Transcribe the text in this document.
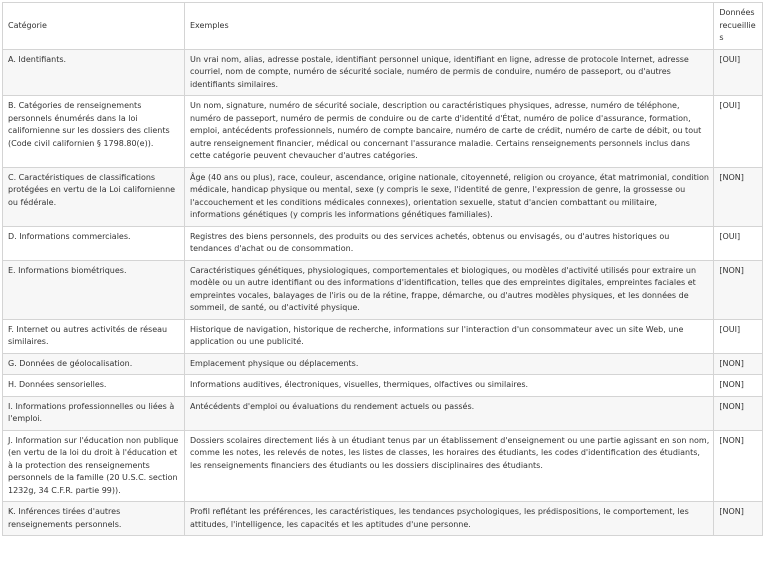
Catégorie	Exemples	Données recueillies
A. Identifiants.	Un vrai nom, alias, adresse postale, identifiant personnel unique, identifiant en ligne, adresse de protocole Internet, adresse courriel, nom de compte, numéro de sécurité sociale, numéro de permis de conduire, numéro de passeport, ou d'autres identifiants similaires.	[OUI]
B. Catégories de renseignements personnels énumérés dans la loi californienne sur les dossiers des clients (Code civil californien § 1798.80(e)).	Un nom, signature, numéro de sécurité sociale, description ou caractéristiques physiques, adresse, numéro de téléphone, numéro de passeport, numéro de permis de conduire ou de carte d'identité d'État, numéro de police d'assurance, formation, emploi, antécédents professionnels, numéro de compte bancaire, numéro de carte de crédit, numéro de carte de débit, ou tout autre renseignement financier, médical ou concernant l'assurance maladie. Certains renseignements personnels inclus dans cette catégorie peuvent chevaucher d'autres catégories.	[OUI]
C. Caractéristiques de classifications protégées en vertu de la Loi californienne ou fédérale.	Âge (40 ans ou plus), race, couleur, ascendance, origine nationale, citoyenneté, religion ou croyance, état matrimonial, condition médicale, handicap physique ou mental, sexe (y compris le sexe, l'identité de genre, l'expression de genre, la grossesse ou l'accouchement et les conditions médicales connexes), orientation sexuelle, statut d'ancien combattant ou militaire, informations génétiques (y compris les informations génétiques familiales).	[NON]
D. Informations commerciales.	Registres des biens personnels, des produits ou des services achetés, obtenus ou envisagés, ou d'autres historiques ou tendances d'achat ou de consommation.	[OUI]
E. Informations biométriques.	Caractéristiques génétiques, physiologiques, comportementales et biologiques, ou modèles d'activité utilisés pour extraire un modèle ou un autre identifiant ou des informations d'identification, telles que des empreintes digitales, empreintes faciales et empreintes vocales, balayages de l'iris ou de la rétine, frappe, démarche, ou d'autres modèles physiques, et les données de sommeil, de santé, ou d'activité physique.	[NON]
F. Internet ou autres activités de réseau similaires.	Historique de navigation, historique de recherche, informations sur l'interaction d'un consommateur avec un site Web, une application ou une publicité.	[OUI]
G. Données de géolocalisation.	Emplacement physique ou déplacements.	[NON]
H. Données sensorielles.	Informations auditives, électroniques, visuelles, thermiques, olfactives ou similaires.	[NON]
I. Informations professionnelles ou liées à l'emploi.	Antécédents d'emploi ou évaluations du rendement actuels ou passés.	[NON]
J. Information sur l'éducation non publique (en vertu de la loi du droit à l'éducation et à la protection des renseignements personnels de la famille (20 U.S.C. section 1232g, 34 C.F.R. partie 99)).	Dossiers scolaires directement liés à un étudiant tenus par un établissement d'enseignement ou une partie agissant en son nom, comme les notes, les relevés de notes, les listes de classes, les horaires des étudiants, les codes d'identification des étudiants, les renseignements financiers des étudiants ou les dossiers disciplinaires des étudiants.	[NON]
K. Inférences tirées d'autres renseignements personnels.	Profil reflétant les préférences, les caractéristiques, les tendances psychologiques, les prédispositions, le comportement, les attitudes, l'intelligence, les capacités et les aptitudes d'une personne.	[NON]
